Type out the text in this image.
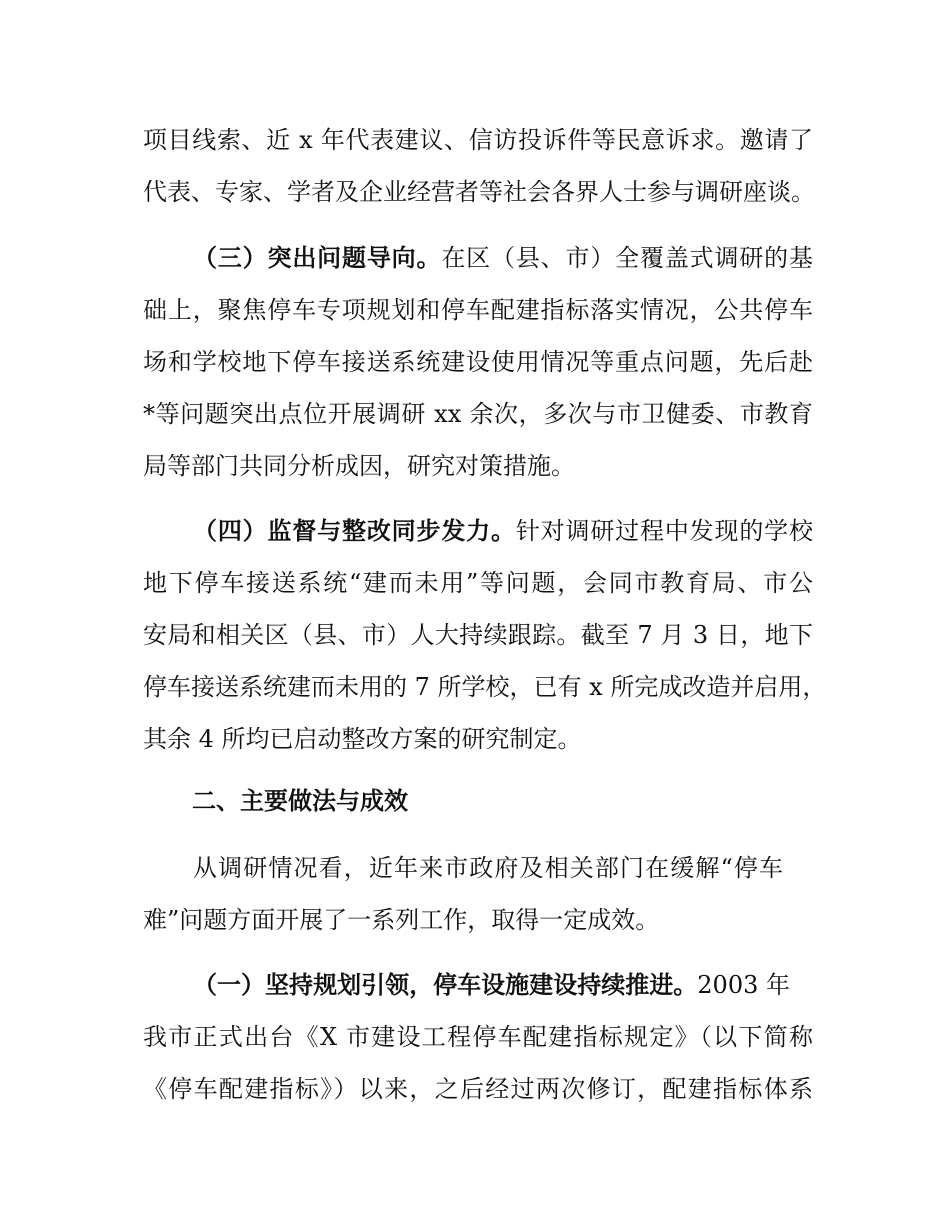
项目线索、近 x 年代表建议、信访投诉件等民意诉求。邀请了

代表、专家、学者及企业经营者等社会各界人士参与调研座谈。

（三）突出问题导向。在区（县、市）全覆盖式调研的基

础上，聚焦停车专项规划和停车配建指标落实情况，公共停车

场和学校地下停车接送系统建设使用情况等重点问题，先后赴

*等问题突出点位开展调研 xx 余次，多次与市卫健委、市教育

局等部门共同分析成因，研究对策措施。

（四）监督与整改同步发力。针对调研过程中发现的学校

地下停车接送系统“建而未用”等问题，会同市教育局、市公

安局和相关区（县、市）人大持续跟踪。截至 7 月 3 日，地下

停车接送系统建而未用的 7 所学校，已有 x 所完成改造并启用，

其余 4 所均已启动整改方案的研究制定。

二、主要做法与成效

从调研情况看，近年来市政府及相关部门在缓解“停车

难”问题方面开展了一系列工作，取得一定成效。

（一）坚持规划引领，停车设施建设持续推进。2003 年

我市正式出台《X 市建设工程停车配建指标规定》（以下简称

《停车配建指标》）以来，之后经过两次修订，配建指标体系
